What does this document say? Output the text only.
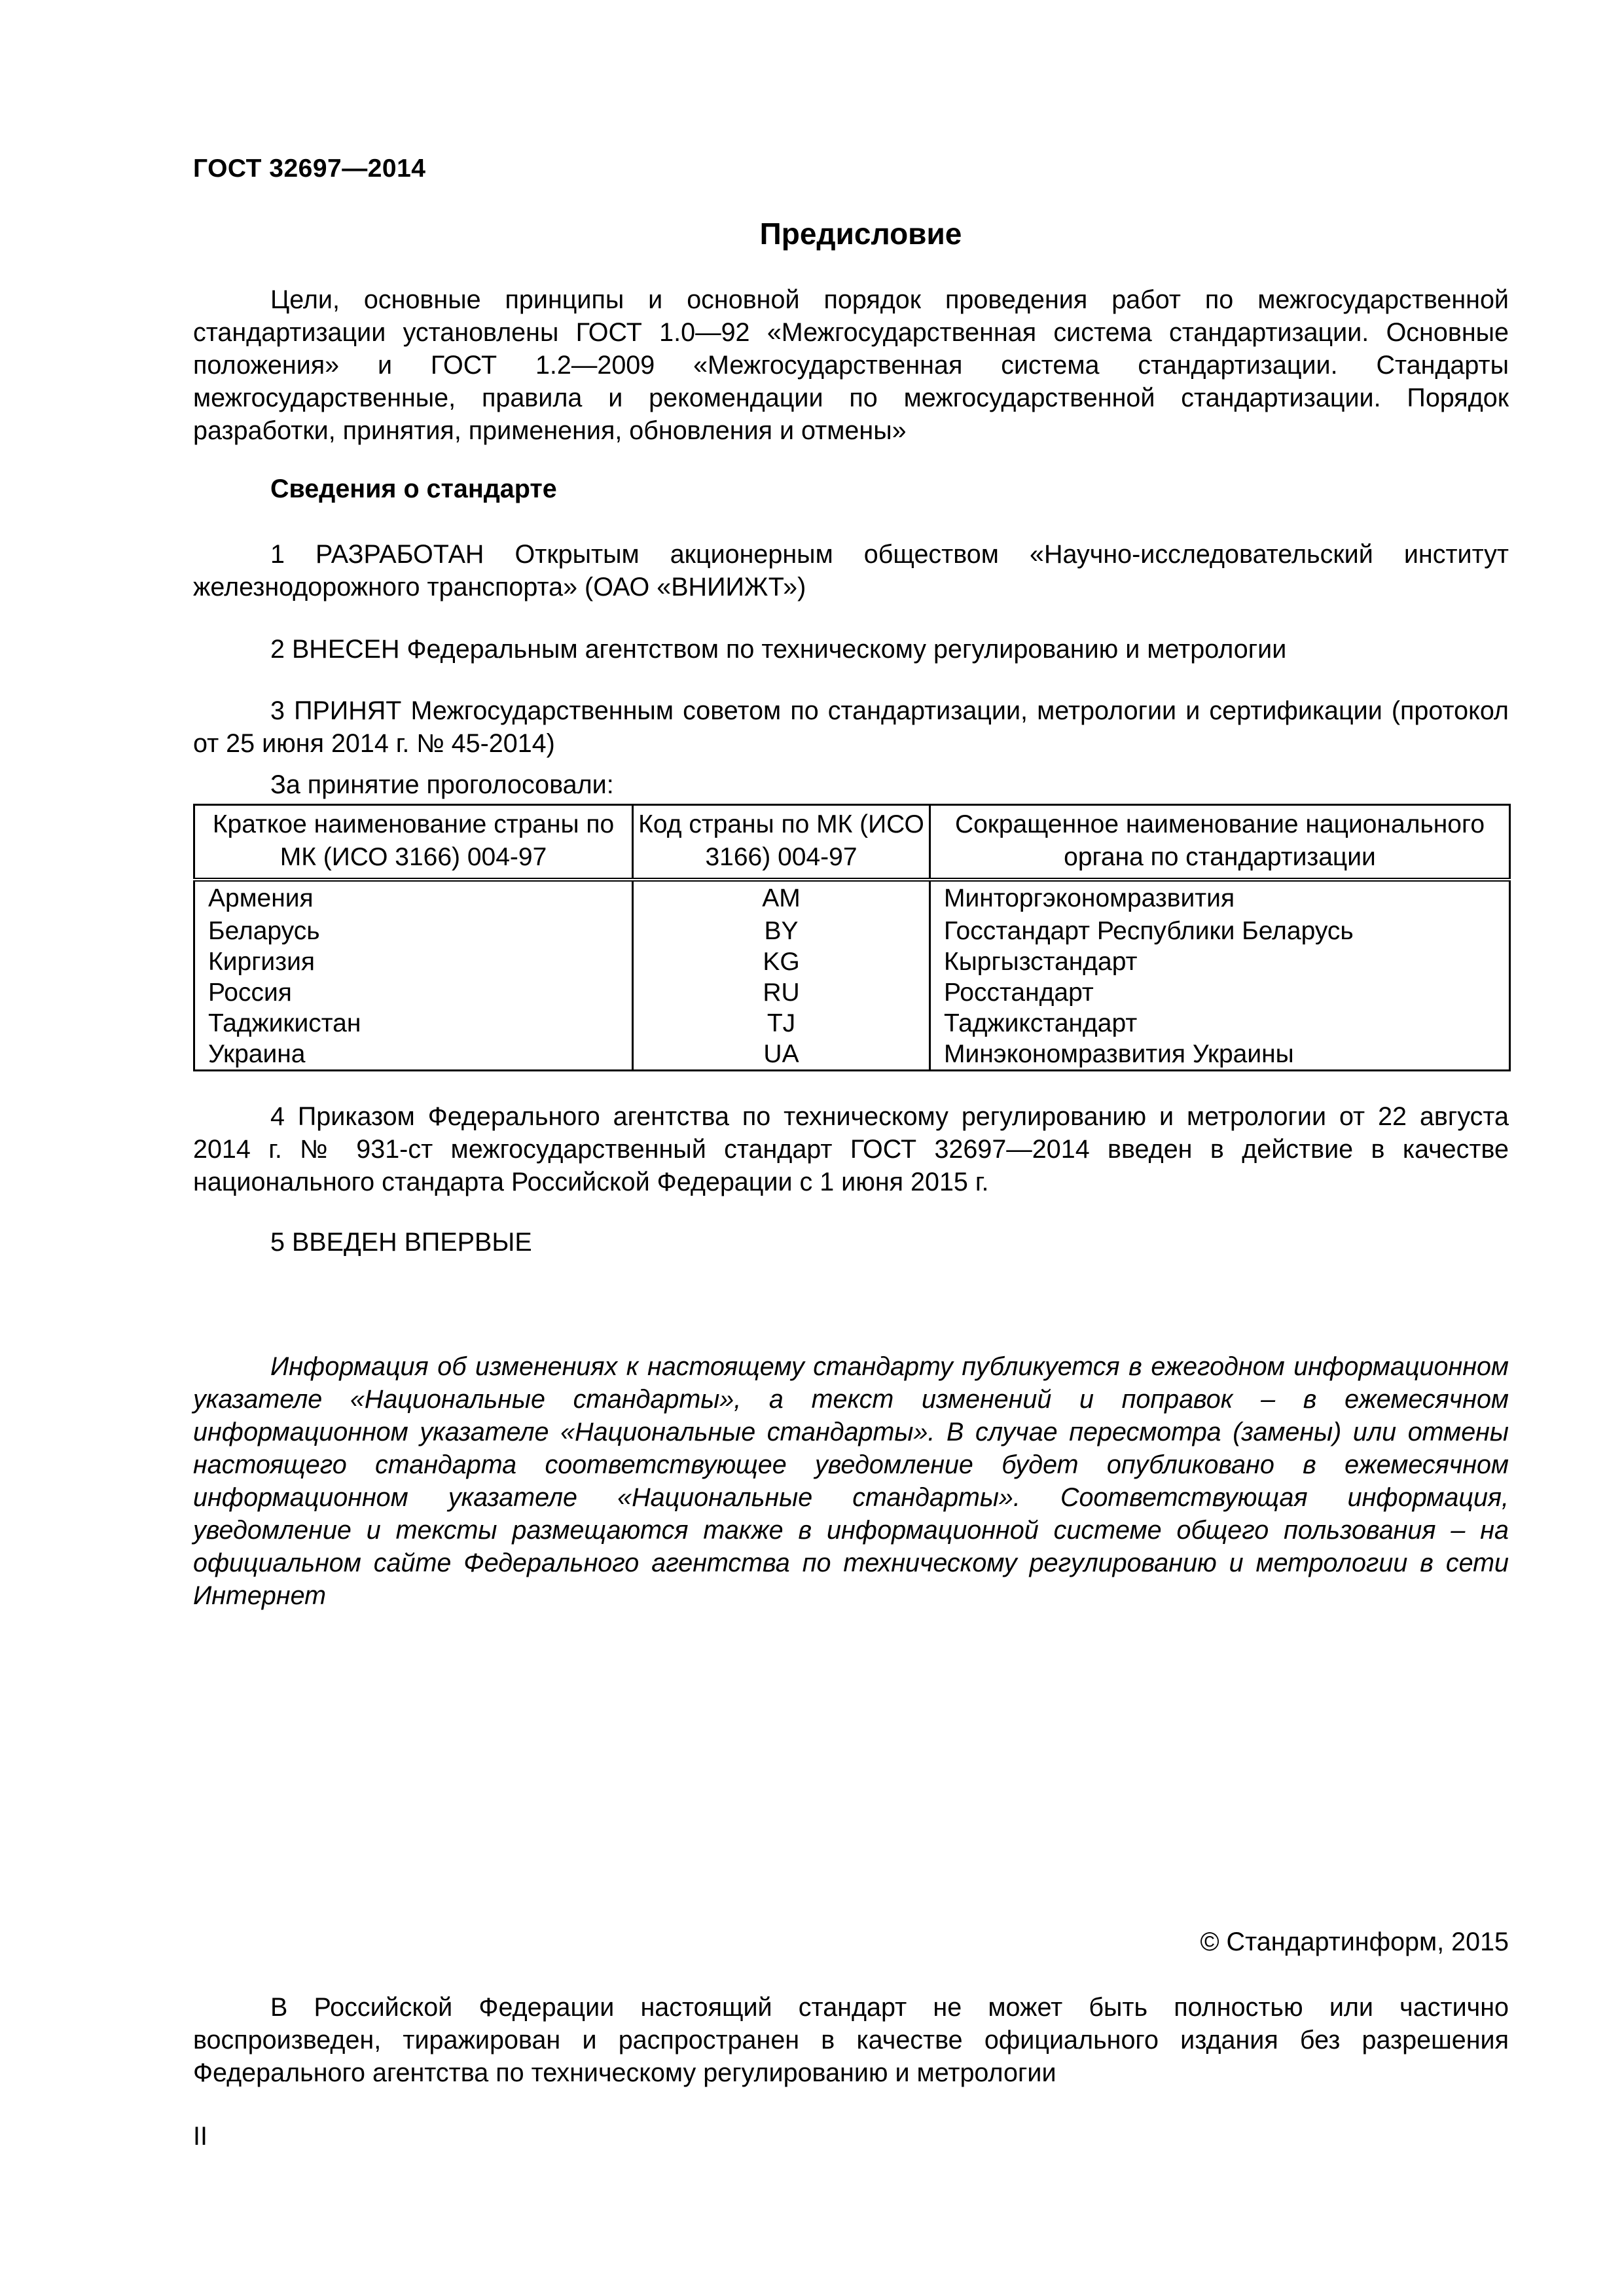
ГОСТ 32697—2014
Предисловие
Цели, основные принципы и основной порядок проведения работ по межгосударственной стандартизации установлены ГОСТ 1.0—92 «Межгосударственная система стандартизации. Основные положения» и ГОСТ 1.2—2009 «Межгосударственная система стандартизации. Стандарты межгосударственные, правила и рекомендации по межгосударственной стандартизации. Порядок разработки, принятия, применения, обновления и отмены»
Сведения о стандарте
1 РАЗРАБОТАН Открытым акционерным обществом «Научно-исследовательский институт железнодорожного транспорта» (ОАО «ВНИИЖТ»)
2 ВНЕСЕН Федеральным агентством по техническому регулированию и метрологии
3 ПРИНЯТ Межгосударственным советом по стандартизации, метрологии и сертификации (протокол от 25 июня 2014 г. № 45-2014)
За принятие проголосовали:
Краткое наименование страны по МК (ИСО 3166) 004-97	Код страны по МК (ИСО 3166) 004-97	Сокращенное наименование национального органа по стандартизации
Армения	AM	Минторгэкономразвития
Беларусь	BY	Госстандарт Республики Беларусь
Киргизия	KG	Кыргызстандарт
Россия	RU	Росстандарт
Таджикистан	TJ	Таджикстандарт
Украина	UA	Минэкономразвития Украины
4 Приказом Федерального агентства по техническому регулированию и метрологии от 22 августа 2014 г. № 931-ст межгосударственный стандарт ГОСТ 32697—2014 введен в действие в качестве национального стандарта Российской Федерации с 1 июня 2015 г.
5 ВВЕДЕН ВПЕРВЫЕ
Информация об изменениях к настоящему стандарту публикуется в ежегодном информационном указателе «Национальные стандарты», а текст изменений и поправок – в ежемесячном информационном указателе «Национальные стандарты». В случае пересмотра (замены) или отмены настоящего стандарта соответствующее уведомление будет опубликовано в ежемесячном информационном указателе «Национальные стандарты». Соответствующая информация, уведомление и тексты размещаются также в информационной системе общего пользования – на официальном сайте Федерального агентства по техническому регулированию и метрологии в сети Интернет
© Стандартинформ, 2015
В Российской Федерации настоящий стандарт не может быть полностью или частично воспроизведен, тиражирован и распространен в качестве официального издания без разрешения Федерального агентства по техническому регулированию и метрологии
II
